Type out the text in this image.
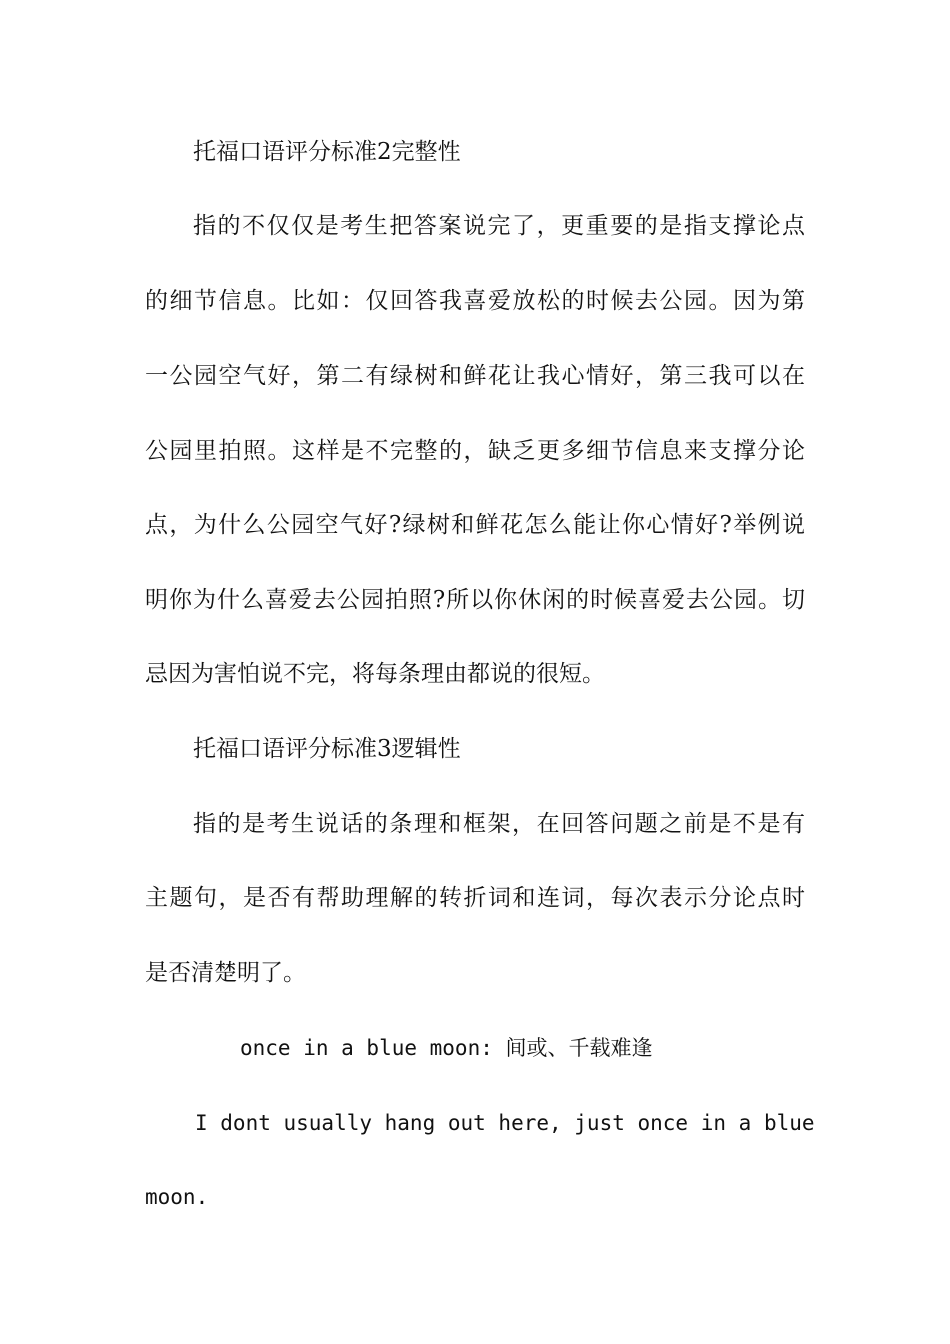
托福口语评分标准2完整性
指的不仅仅是考生把答案说完了，更重要的是指支撑论点
的细节信息。比如：仅回答我喜爱放松的时候去公园。因为第
一公园空气好，第二有绿树和鲜花让我心情好，第三我可以在
公园里拍照。这样是不完整的，缺乏更多细节信息来支撑分论
点，为什么公园空气好?绿树和鲜花怎么能让你心情好?举例说
明你为什么喜爱去公园拍照?所以你休闲的时候喜爱去公园。切
忌因为害怕说不完，将每条理由都说的很短。
托福口语评分标准3逻辑性
指的是考生说话的条理和框架，在回答问题之前是不是有
主题句，是否有帮助理解的转折词和连词，每次表示分论点时
是否清楚明了。
once in a blue moon: 间或、千载难逢
I dont usually hang out here, just once in a blue
moon.
